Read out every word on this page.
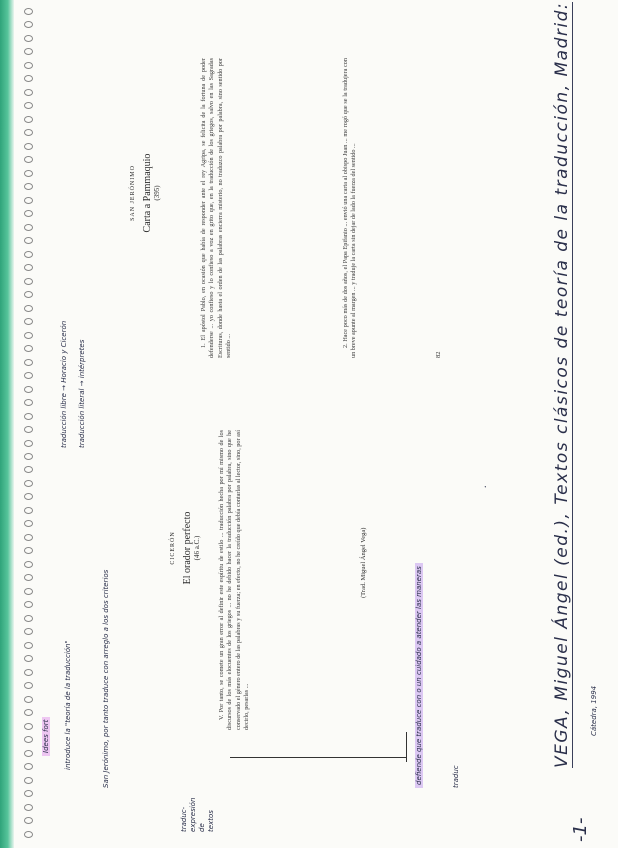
-1-
Idees fort introduce la "teoría de la traducción"
traducción libre → Horacio y Cicerón traducción literal → intérpretes
San Jerónimo, por tanto traduce con arreglo a los dos criterios
traduc- expresión de textos
CICERÓN El orador perfecto (46 a.C.)	V. Por tanto, se comete un gran error al definir este espíritu de estilo ... traducción hecha por mí mismo de los discursos de los más elocuentes de los griegos ... no he debido hacer la traducción palabra por palabra, sino que he conservado el género entero de las palabras y su fuerza; en efecto, no he creído que debía contarlas al lector, sino, por así decirlo, pesarlas ...

(Trad. Miguel Ángel Vega)
defiende que traduce con o un cuidado a atender las maneras	traduc
SAN JERÓNIMO Carta a Pammaquio (395)	1. El apóstol Pablo, en ocasión que había de responder ante el rey Agripa, se felicita de la fortuna de poder defenderse ... yo confieso y lo confieso a voz en grito que, en la traducción de los griegos, salvo en las Sagradas Escrituras, donde hasta el orden de las palabras encierra misterio, no traduzco palabra por palabra, sino sentido por sentido ...	2. Hace poco más de dos años, el Papa Epifanio ... envió una carta al obispo Juan ... me rogó que se la tradujera con un breve apunte al margen ... y traduje la carta sin dejar de lado la fuerza del sentido ...	82	VEGA, Miguel Ángel (ed.), Textos clásicos de teoría de la traducción, Madrid:	Cátedra, 1994
.
